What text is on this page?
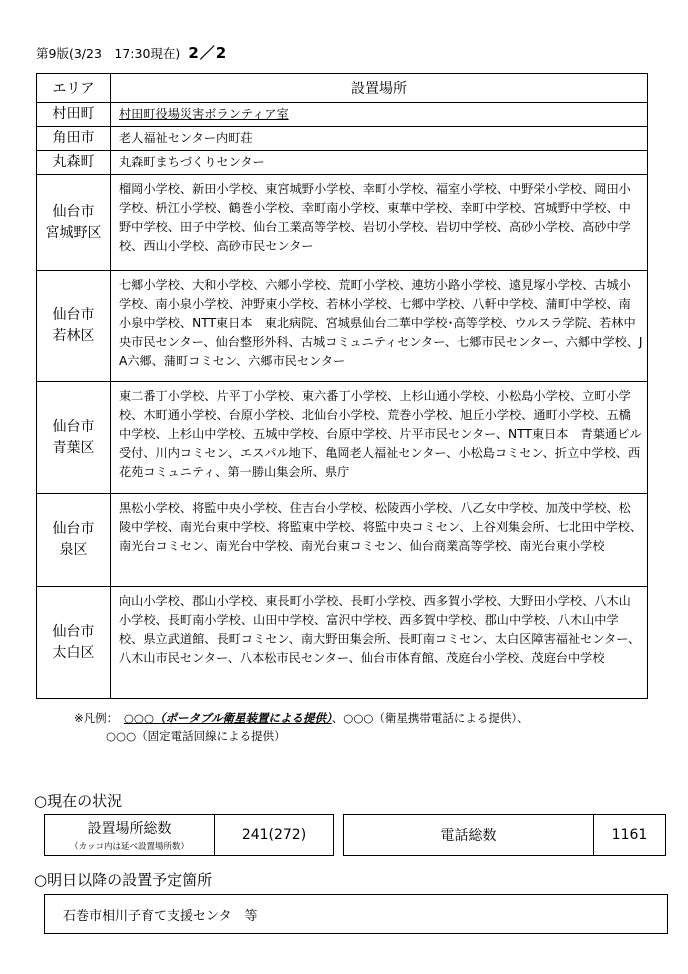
第9版(3/23　17:30現在) 2／2
エリア	設置場所
村田町	村田町役場災害ボランティア室
角田市	老人福祉センター内町荘
丸森町	丸森町まちづくりセンター
仙台市
宮城野区	榴岡小学校、新田小学校、東宮城野小学校、幸町小学校、福室小学校、中野栄小学校、岡田小学校、枡江小学校、鶴巻小学校、幸町南小学校、東華中学校、幸町中学校、宮城野中学校、中野中学校、田子中学校、仙台工業高等学校、岩切小学校、岩切中学校、高砂小学校、高砂中学校、西山小学校、高砂市民センター
仙台市
若林区	七郷小学校、大和小学校、六郷小学校、荒町小学校、連坊小路小学校、遠見塚小学校、古城小学校、南小泉小学校、沖野東小学校、若林小学校、七郷中学校、八軒中学校、蒲町中学校、南小泉中学校、NTT東日本　東北病院、宮城県仙台二華中学校･高等学校、ウルスラ学院、若林中央市民センター、仙台整形外科、古城コミュニティセンター、七郷市民センター、六郷中学校、JA六郷、蒲町コミセン、六郷市民センター
仙台市
青葉区	東二番丁小学校、片平丁小学校、東六番丁小学校、上杉山通小学校、小松島小学校、立町小学校、木町通小学校、台原小学校、北仙台小学校、荒巻小学校、旭丘小学校、通町小学校、五橋中学校、上杉山中学校、五城中学校、台原中学校、片平市民センター、NTT東日本　青葉通ビル受付、川内コミセン、エスパル地下、亀岡老人福祉センター、小松島コミセン、折立中学校、西花苑コミュニティ、第一勝山集会所、県庁
仙台市
泉区	黒松小学校、将監中央小学校、住吉台小学校、松陵西小学校、八乙女中学校、加茂中学校、松陵中学校、南光台東中学校、将監東中学校、将監中央コミセン、上谷刈集会所、七北田中学校、南光台コミセン、南光台中学校、南光台東コミセン、仙台商業高等学校、南光台東小学校
仙台市
太白区	向山小学校、郡山小学校、東長町小学校、長町小学校、西多賀小学校、大野田小学校、八木山小学校、長町南小学校、山田中学校、富沢中学校、西多賀中学校、郡山中学校、八木山中学校、県立武道館、長町コミセン、南大野田集会所、長町南コミセン、太白区障害福祉センター、八木山市民センター、八本松市民センター、仙台市体育館、茂庭台小学校、茂庭台中学校
※凡例：　 ○○○（ポータブル衛星装置による提供）、○○○（衛星携帯電話による提供）、
○○○（固定電話回線による提供）
○現在の状況
設置場所総数
（カッコ内は延べ設置場所数）
241(272)	電話総数	1161
○明日以降の設置予定箇所
石巻市相川子育て支援センタ　等
